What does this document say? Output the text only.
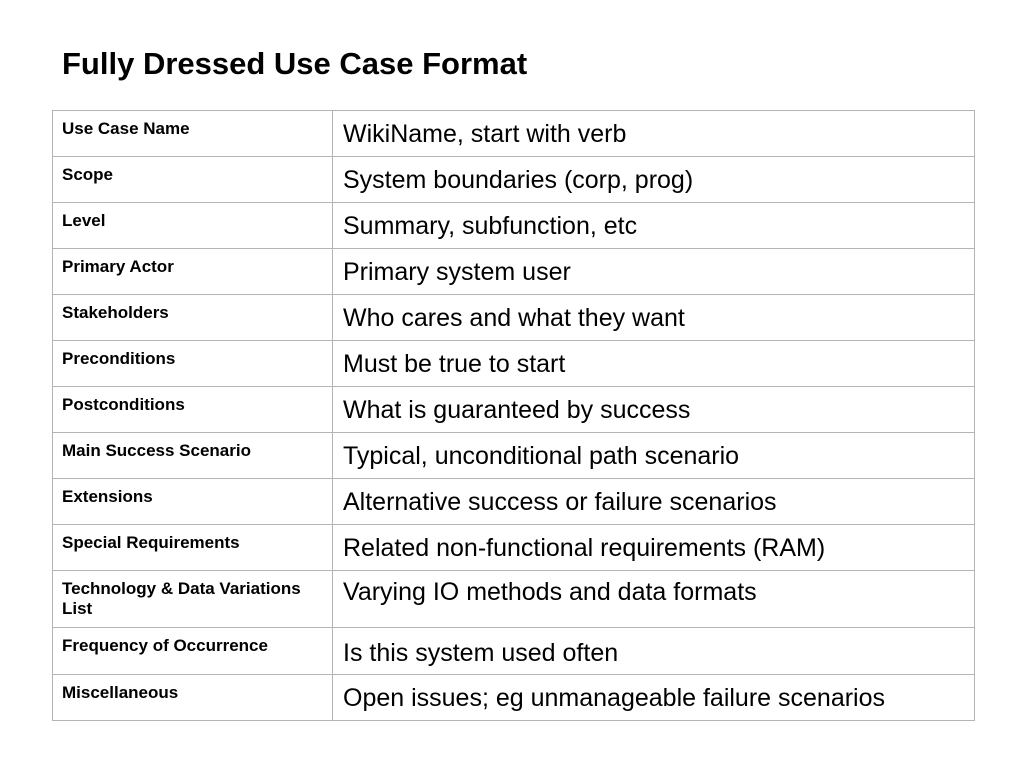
Fully Dressed Use Case Format
Use Case Name	WikiName, start with verb
Scope	System boundaries (corp, prog)
Level	Summary, subfunction, etc
Primary Actor	Primary system user
Stakeholders	Who cares and what they want
Preconditions	Must be true to start
Postconditions	What is guaranteed by success
Main Success Scenario	Typical, unconditional path scenario
Extensions	Alternative success or failure scenarios
Special Requirements	Related non-functional requirements (RAM)
Technology & Data Variations List	Varying IO methods and data formats
Frequency of Occurrence	Is this system used often
Miscellaneous	Open issues; eg unmanageable failure scenarios
